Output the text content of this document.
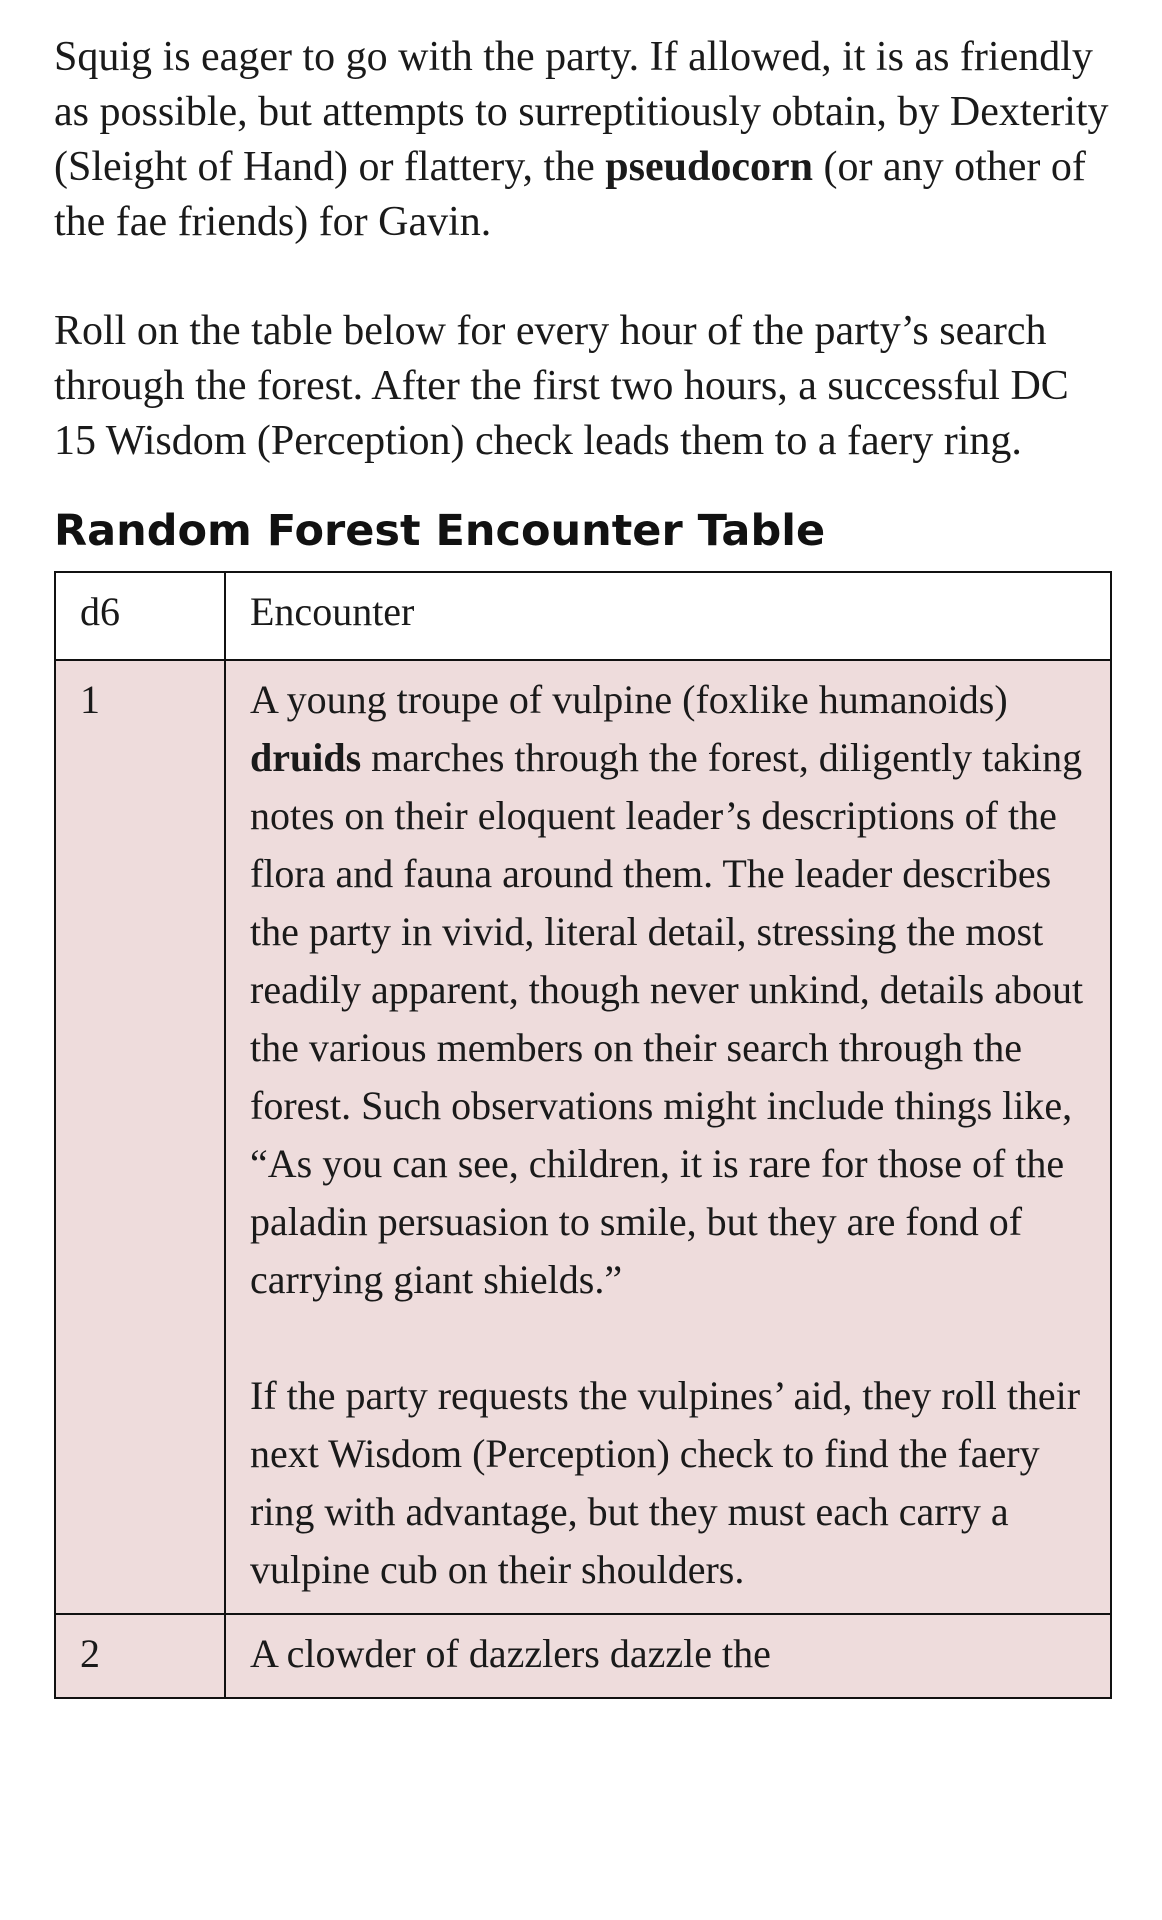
Squig is eager to go with the party. If allowed, it is as friendly as possible, but attempts to surreptitiously obtain, by Dexterity (Sleight of Hand) or flattery, the pseudocorn (or any other of the fae friends) for Gavin.

Roll on the table below for every hour of the party’s search through the forest. After the first two hours, a successful DC 15 Wisdom (Perception) check leads them to a faery ring.

Random Forest Encounter Table
d6	Encounter
1	A young troupe of vulpine (foxlike humanoids) druids marches through the forest, diligently taking notes on their eloquent leader’s descriptions of the flora and fauna around them. The leader describes the party in vivid, literal detail, stressing the most readily apparent, though never unkind, details about the various members on their search through the forest. Such observations might include things like, “As you can see, children, it is rare for those of the paladin persuasion to smile, but they are fond of carrying giant shields.”

If the party requests the vulpines’ aid, they roll their next Wisdom (Perception) check to find the faery ring with advantage, but they must each carry a vulpine cub on their shoulders.

2	A clowder of dazzlers dazzle the
